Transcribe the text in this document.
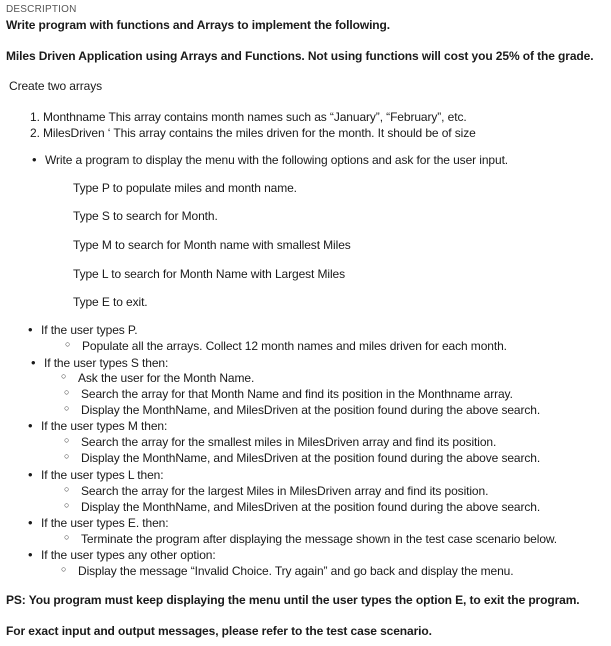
DESCRIPTION
Write program with functions and Arrays to implement the following.
Miles Driven Application using Arrays and Functions. Not using functions will cost you 25% of the grade.
Create two arrays
1. Monthname This array contains month names such as “January”, “February”, etc.
2. MilesDriven ‘ This array contains the miles driven for the month. It should be of size
• Write a program to display the menu with the following options and ask for the user input.
Type P to populate miles and month name.
Type S to search for Month.
Type M to search for Month name with smallest Miles
Type L to search for Month Name with Largest Miles
Type E to exit.
• If the user types P.
○ Populate all the arrays. Collect 12 month names and miles driven for each month.
• If the user types S then:
○ Ask the user for the Month Name.
○ Search the array for that Month Name and find its position in the Monthname array.
○ Display the MonthName, and MilesDriven at the position found during the above search.
• If the user types M then:
○ Search the array for the smallest miles in MilesDriven array and find its position.
○ Display the MonthName, and MilesDriven at the position found during the above search.
• If the user types L then:
○ Search the array for the largest Miles in MilesDriven array and find its position.
○ Display the MonthName, and MilesDriven at the position found during the above search.
• If the user types E. then:
○ Terminate the program after displaying the message shown in the test case scenario below.
• If the user types any other option:
○ Display the message “Invalid Choice. Try again” and go back and display the menu.
PS: You program must keep displaying the menu until the user types the option E, to exit the program.
For exact input and output messages, please refer to the test case scenario.
